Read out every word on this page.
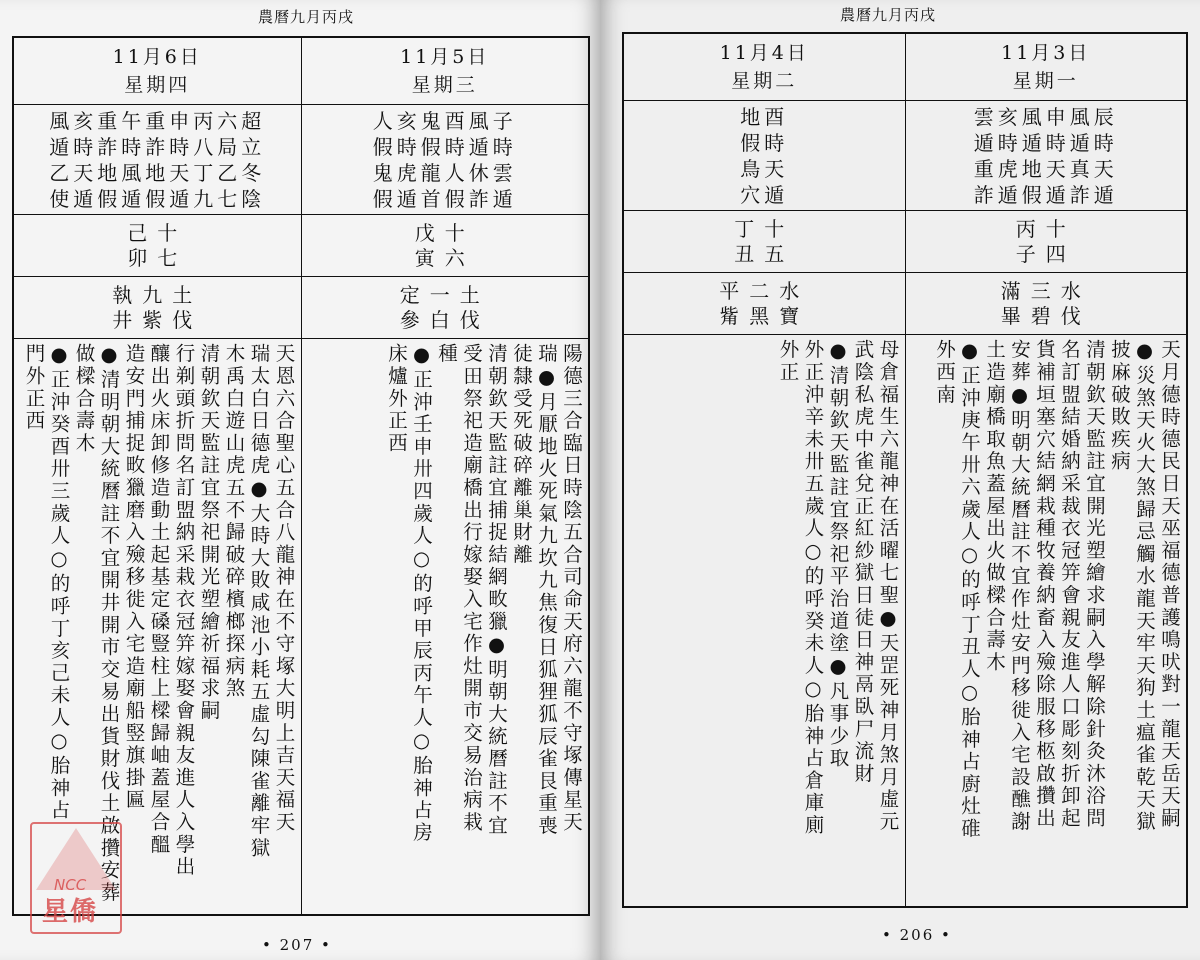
農曆九月丙戌
11月6日
星期四
風亥重午重申丙六超
遁時詐時詐時八局立
乙天地風地天丁乙冬
使遁假遁假遁九七陰
己十
卯七
執九土
井紫伐
天恩六合聖心五合八龍神在不守塚大明上吉天福天
瑞太白日德虎●大時大敗咸池小耗五虛勾陳雀離牢獄
木禹白遊山虎五不歸破碎檳榔探病煞
清朝欽天監註宜祭祀開光塑繪祈福求嗣
行剃頭折問名訂盟納采栽衣冠笄嫁娶會親友進人入學出
釀出火床卸修造動土起基定磉豎柱上樑歸岫蓋屋合醞
造安門捕捉畋獵磨入殮移徙入宅造廟船竪旗掛匾
●清明朝大統曆註不宜開井開市交易出貨財伐土啟攢安葬
做樑合壽木
●正沖癸酉卅三歲人○的呼丁亥己未人○胎神占
門外正西
11月5日
星期三
人亥鬼酉風子
假時假時遁時
鬼虎龍人休雲
假遁首假詐遁
戊十
寅六
定一土
參白伐
陽德三合臨日時陰五合司命天府六龍不守塚傳星天
瑞●月厭地火死氣九坎九焦復日狐狸狐辰雀艮重喪
徒隸受死破碎離巢財離
清朝欽天監註宜捕捉結網畋獵●明朝大統曆註不宜
受田祭祀造廟橋出行嫁娶入宅作灶開市交易治病栽
種
●正沖壬申卅四歲人○的呼甲辰丙午人○胎神占房
床爐外正西
• 207 •
NCC
星僑
農曆九月丙戌
11月4日
星期二
地酉
假時
鳥天
穴遁
丁十
丑五
平二水
觜黑寶
母倉福生六龍神在活曜七聖●天罡死神月煞月虛元
武陰私虎中雀兌正紅紗獄日徒日神鬲臥尸流財
●清朝欽天監註宜祭祀平治道塗●凡事少取
外正沖辛未卅五歲人○的呼癸未人○胎神占倉庫廁
外正
11月3日
星期一
雲亥風申風辰
遁時遁時遁時
重虎地天真天
詐遁假遁詐遁
丙十
子四
滿三水
畢碧伐
天月德時德民日天巫福德普護鳴吠對一龍天岳天嗣
●災煞天火大煞歸忌觸水龍天牢天狗土瘟雀乾天獄
披麻破敗疾病
清朝欽天監註宜開光塑繪求嗣入學解除針灸沐浴問
名訂盟結婚納采裁衣冠笄會親友進人口彫刻折卸起
貨補垣塞穴結網栽種牧養納畜入殮除服移柩啟攢出
安葬●明朝大統曆註不宜作灶安門移徙入宅設醮謝
土造廟橋取魚蓋屋出火做樑合壽木
●正沖庚午卅六歲人○的呼丁丑人○胎神占廚灶碓
外西南
• 206 •
